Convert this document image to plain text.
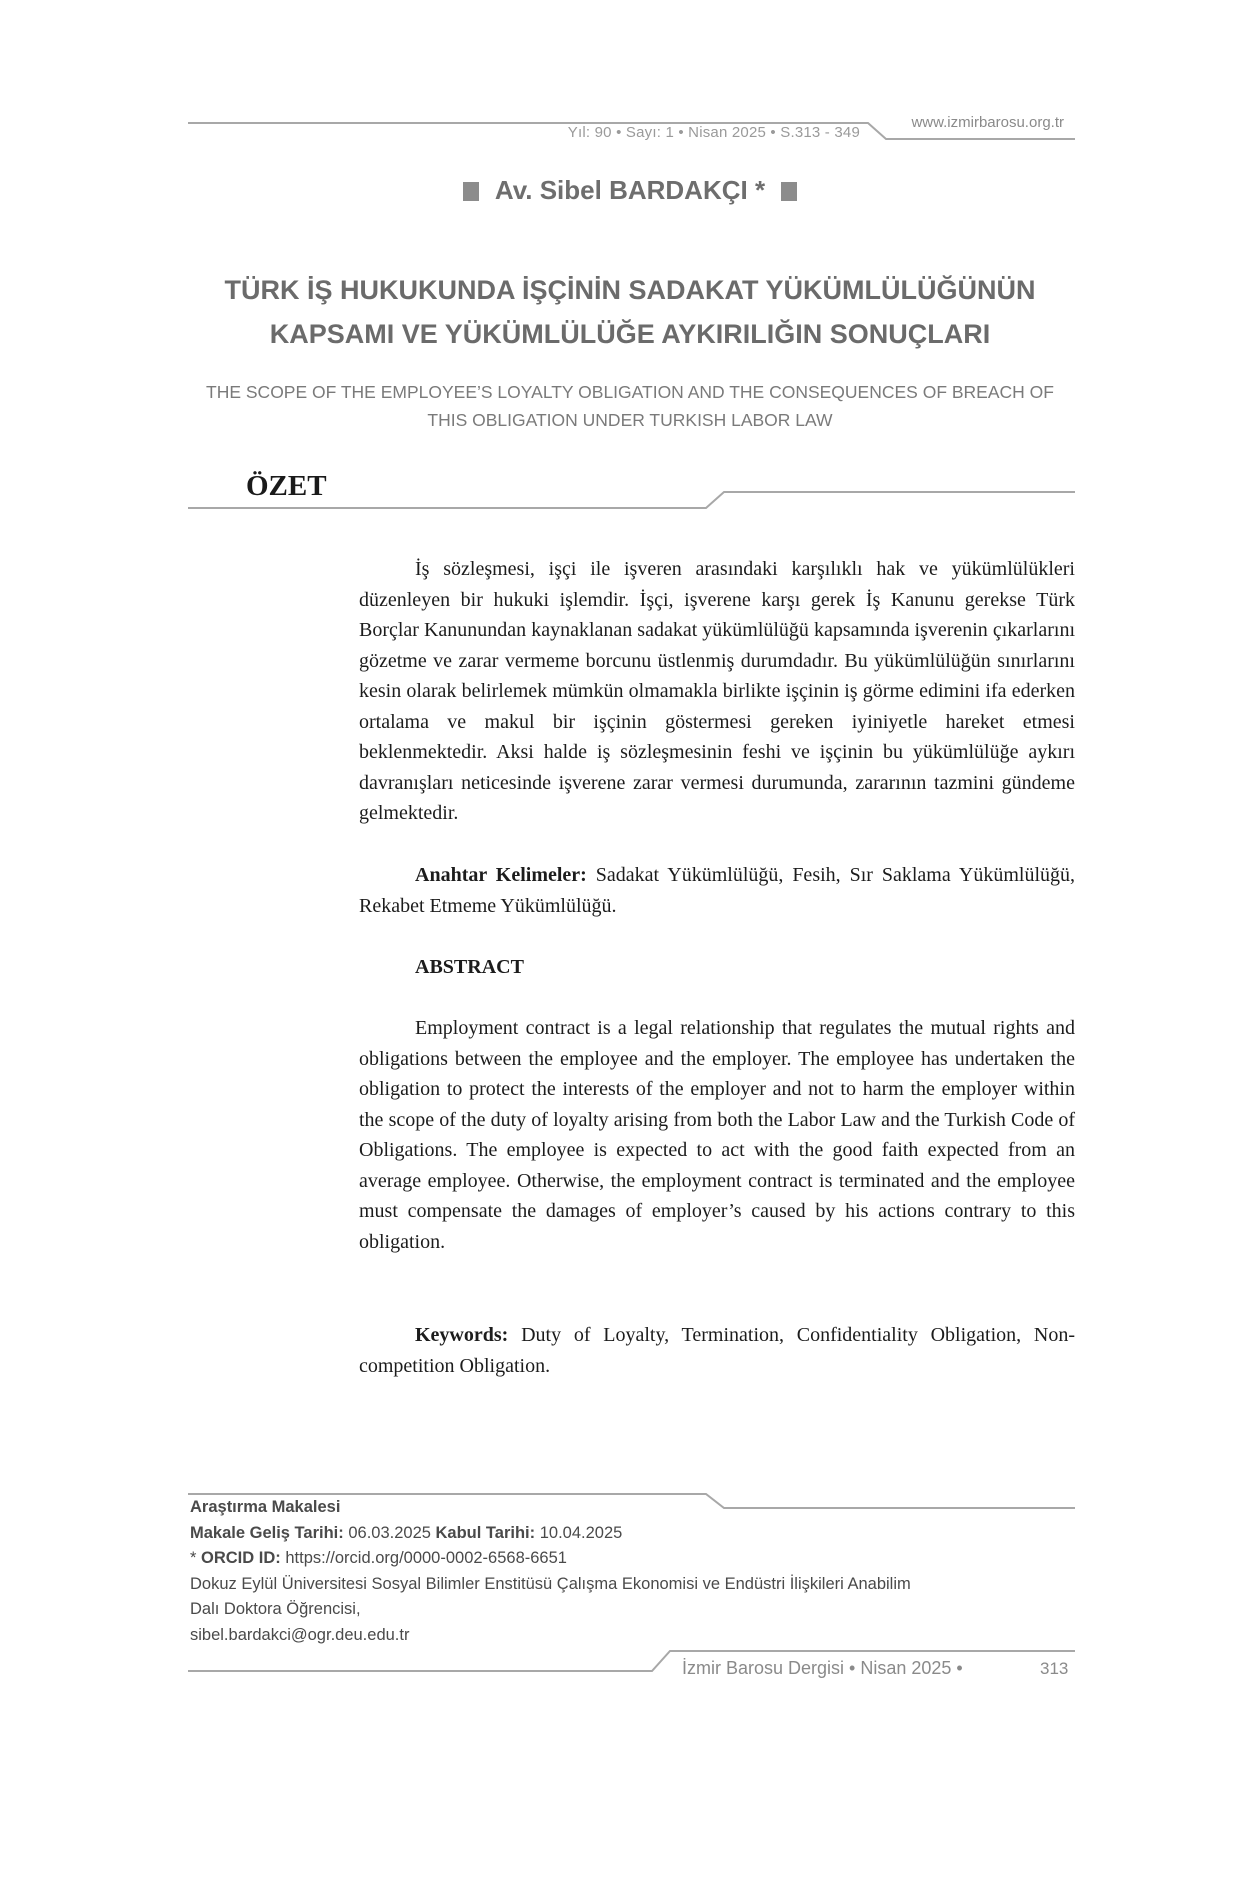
Yıl: 90 • Sayı: 1 • Nisan 2025 • S.313 - 349
www.izmirbarosu.org.tr
Av. Sibel BARDAKÇI *
TÜRK İŞ HUKUKUNDA İŞÇİNİN SADAKAT YÜKÜMLÜLÜĞÜNÜN
KAPSAMI VE YÜKÜMLÜLÜĞE AYKIRILIĞIN SONUÇLARI
THE SCOPE OF THE EMPLOYEE’S LOYALTY OBLIGATION AND THE CONSEQUENCES OF BREACH OF
THIS OBLIGATION UNDER TURKISH LABOR LAW
ÖZET

İş sözleşmesi, işçi ile işveren arasındaki karşılıklı hak ve yükümlülükleri düzenleyen bir hukuki işlemdir. İşçi, işverene karşı gerek İş Kanunu gerekse Türk Borçlar Kanunundan kaynaklanan sadakat yükümlülüğü kapsamında işverenin çıkarlarını gözetme ve zarar vermeme borcunu üstlenmiş durumdadır. Bu yükümlülüğün sınırlarını kesin olarak belirlemek mümkün olmamakla birlikte işçinin iş görme edimini ifa ederken ortalama ve makul bir işçinin göstermesi gereken iyiniyetle hareket etmesi beklenmektedir. Aksi halde iş sözleşmesinin feshi ve işçinin bu yükümlülüğe aykırı davranışları neticesinde işverene zarar vermesi durumunda, zararının tazmini gündeme gelmektedir.

Anahtar Kelimeler: Sadakat Yükümlülüğü, Fesih, Sır Saklama Yükümlülüğü, Rekabet Etmeme Yükümlülüğü.

ABSTRACT

Employment contract is a legal relationship that regulates the mutual rights and obligations between the employee and the employer. The employee has undertaken the obligation to protect the interests of the employer and not to harm the employer within the scope of the duty of loyalty arising from both the Labor Law and the Turkish Code of Obligations. The employee is expected to act with the good faith expected from an average employee. Otherwise, the employment contract is terminated and the employee must compensate the damages of employer’s caused by his actions contrary to this obligation.

Keywords: Duty of Loyalty, Termination, Confidentiality Obligation, Non-competition Obligation.

Araştırma Makalesi
Makale Geliş Tarihi: 06.03.2025 Kabul Tarihi: 10.04.2025
* ORCID ID: https://orcid.org/0000-0002-6568-6651
Dokuz Eylül Üniversitesi Sosyal Bilimler Enstitüsü Çalışma Ekonomisi ve Endüstri İlişkileri Anabilim
Dalı Doktora Öğrencisi,
sibel.bardakci@ogr.deu.edu.tr
İzmir Barosu Dergisi • Nisan 2025 •	313
